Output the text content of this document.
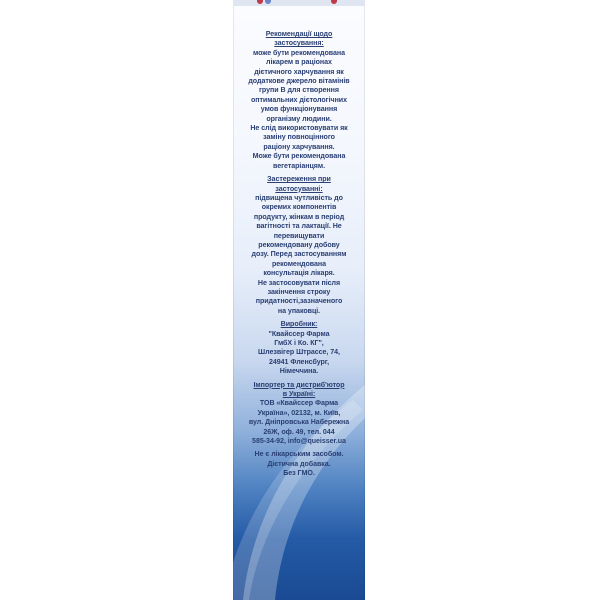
Рекомендації щодо
застосування:
може бути рекомендована
лікарем в раціонах
дієтичного харчування як
додаткове джерело вітамінів
групи В для створення
оптимальних дієтологічних
умов функціонування
організму людини.
Не слід використовувати як
заміну повноцінного
раціону харчування.
Може бути рекомендована
вегетаріанцям.
Застереження при
застосуванні:
підвищена чутливість до
окремих компонентів
продукту, жінкам в період
вагітності та лактації. Не
перевищувати
рекомендовану добову
дозу. Перед застосуванням
рекомендована
консультація лікаря.
Не застосовувати після
закінчення строку
придатності,зазначеного
на упаковці.
Виробник:
"Квайссер Фарма
ГмбХ і Ко. КГ",
Шлезвігер Штрассе, 74,
24941 Фленсбург,
Німеччина.
Імпортер та дистриб'ютор
в Україні:
ТОВ «Квайссер Фарма
Україна», 02132, м. Київ,
вул. Дніпровська Набережна
26Ж, оф. 49, тел. 044
585-34-92, info@queisser.ua
Не є лікарським засобом.
Дієтична добавка.
Без ГМО.
